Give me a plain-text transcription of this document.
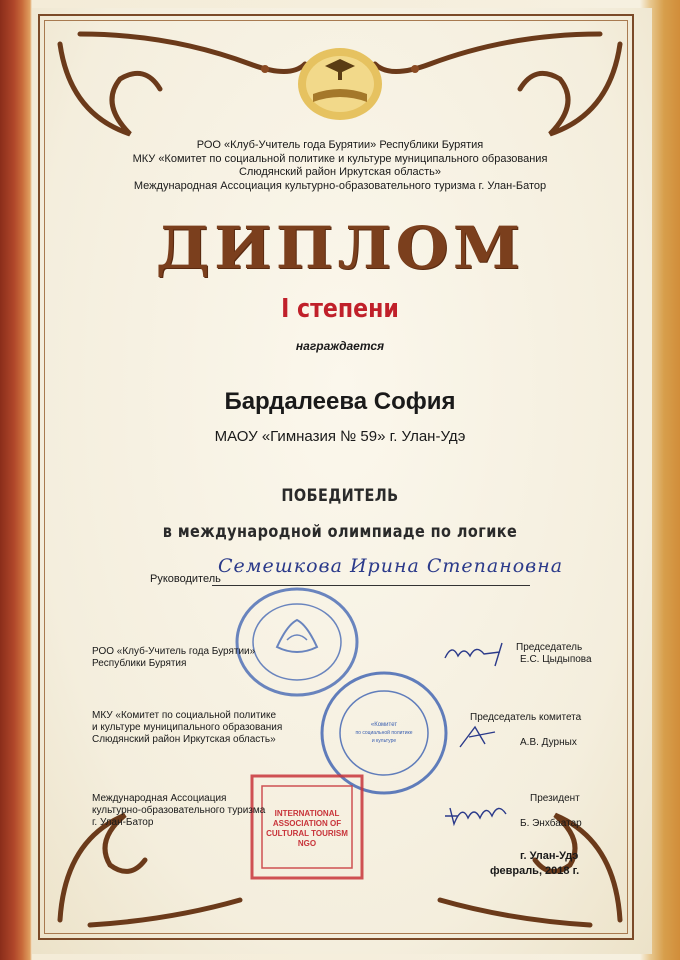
РОО «Клуб-Учитель года Бурятии» Республики Бурятия
МКУ «Комитет по социальной политике и культуре муниципального образования
Слюдянский район Иркутская область»
Международная Ассоциация культурно-образовательного туризма г. Улан-Батор
ДИПЛОМ
I степени
награждается
Бардалеева София
МАОУ «Гимназия № 59» г. Улан-Удэ
ПОБЕДИТЕЛЬ
в международной олимпиаде по логике
Руководитель
Семешкова Ирина Степановна
РОО «Клуб-Учитель года Бурятии»
Республики Бурятия
Председатель
Е.С. Цыдыпова
«Комитет
по социальной политике
и культуре
МКУ «Комитет по социальной политике
и культуре муниципального образования
Слюдянский район Иркутская область»
Председатель комитета
А.В. Дурных
INTERNATIONAL
ASSOCIATION OF
CULTURAL TOURISM
NGO
Международная Ассоциация
культурно-образовательного туризма
г. Улан-Батор
Президент
Б. Энхбаатар
г. Улан-Удэ
февраль, 2018 г.
